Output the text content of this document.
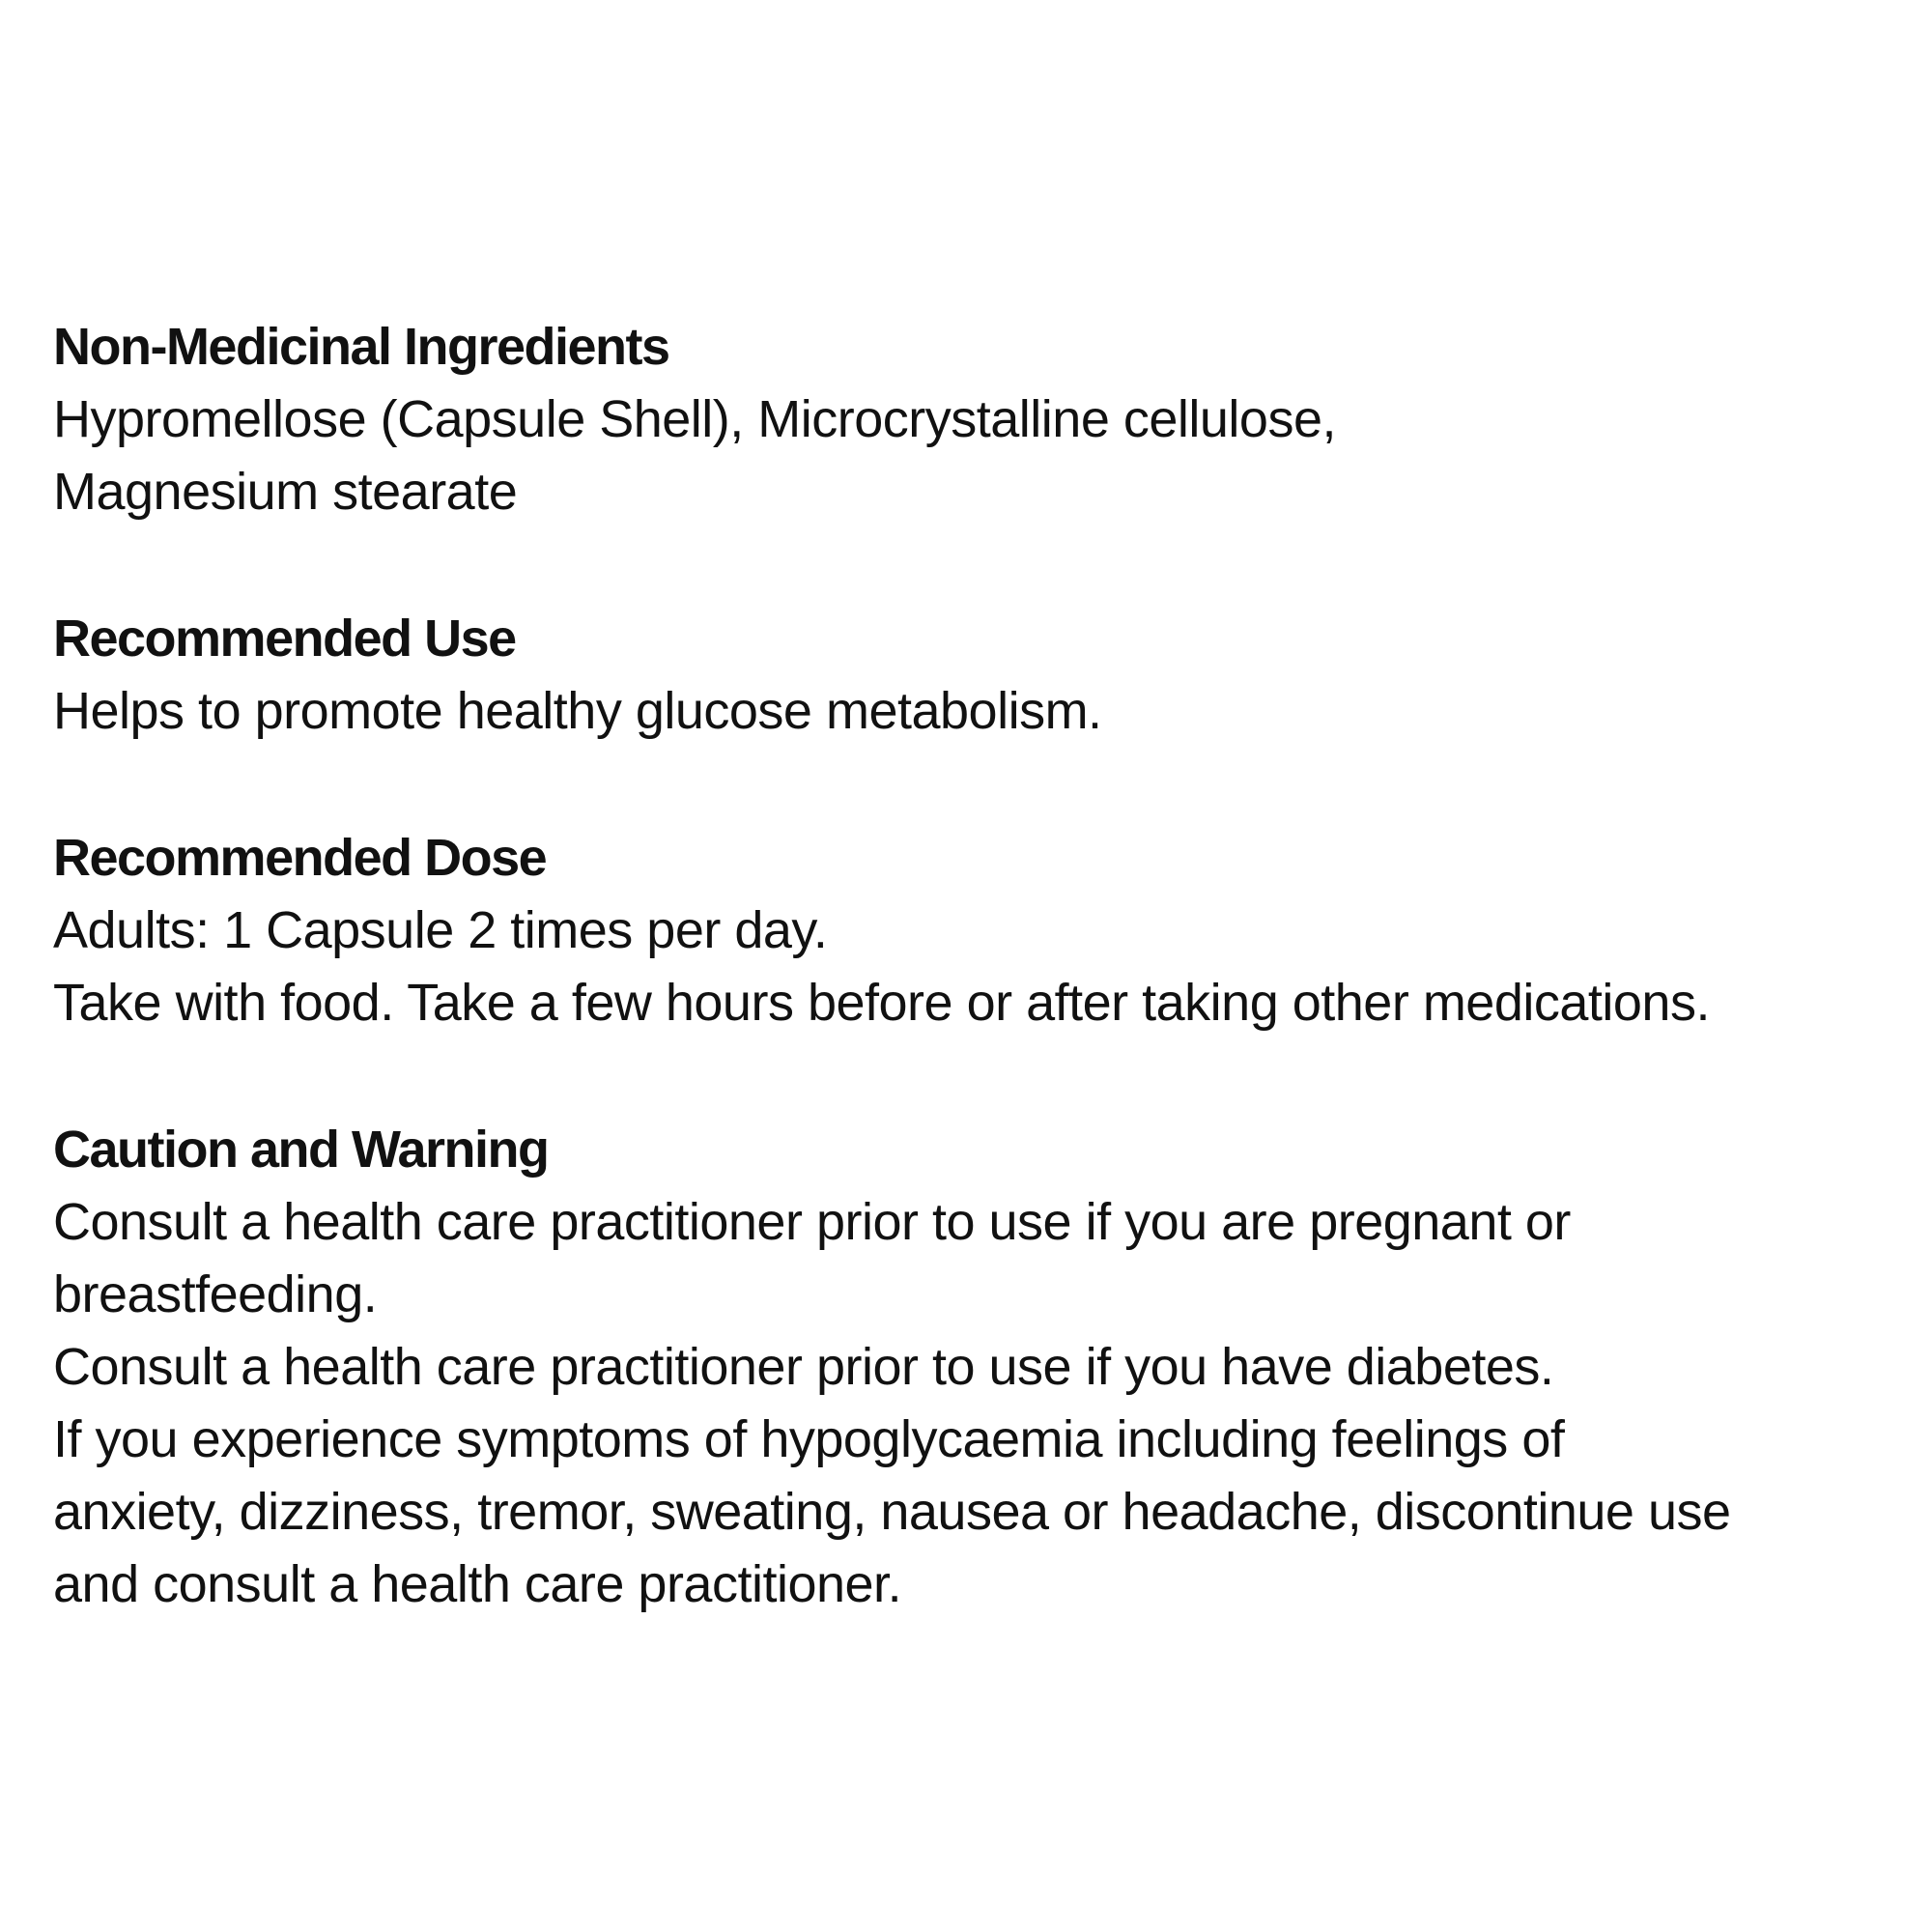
Non-Medicinal Ingredients
Hypromellose (Capsule Shell), Microcrystalline cellulose,
Magnesium stearate
Recommended Use
Helps to promote healthy glucose metabolism.
Recommended Dose
Adults: 1 Capsule 2 times per day.
Take with food. Take a few hours before or after taking other medications.
Caution and Warning
Consult a health care practitioner prior to use if you are pregnant or
breastfeeding.
Consult a health care practitioner prior to use if you have diabetes.
If you experience symptoms of hypoglycaemia including feelings of
anxiety, dizziness, tremor, sweating, nausea or headache, discontinue use
and consult a health care practitioner.
